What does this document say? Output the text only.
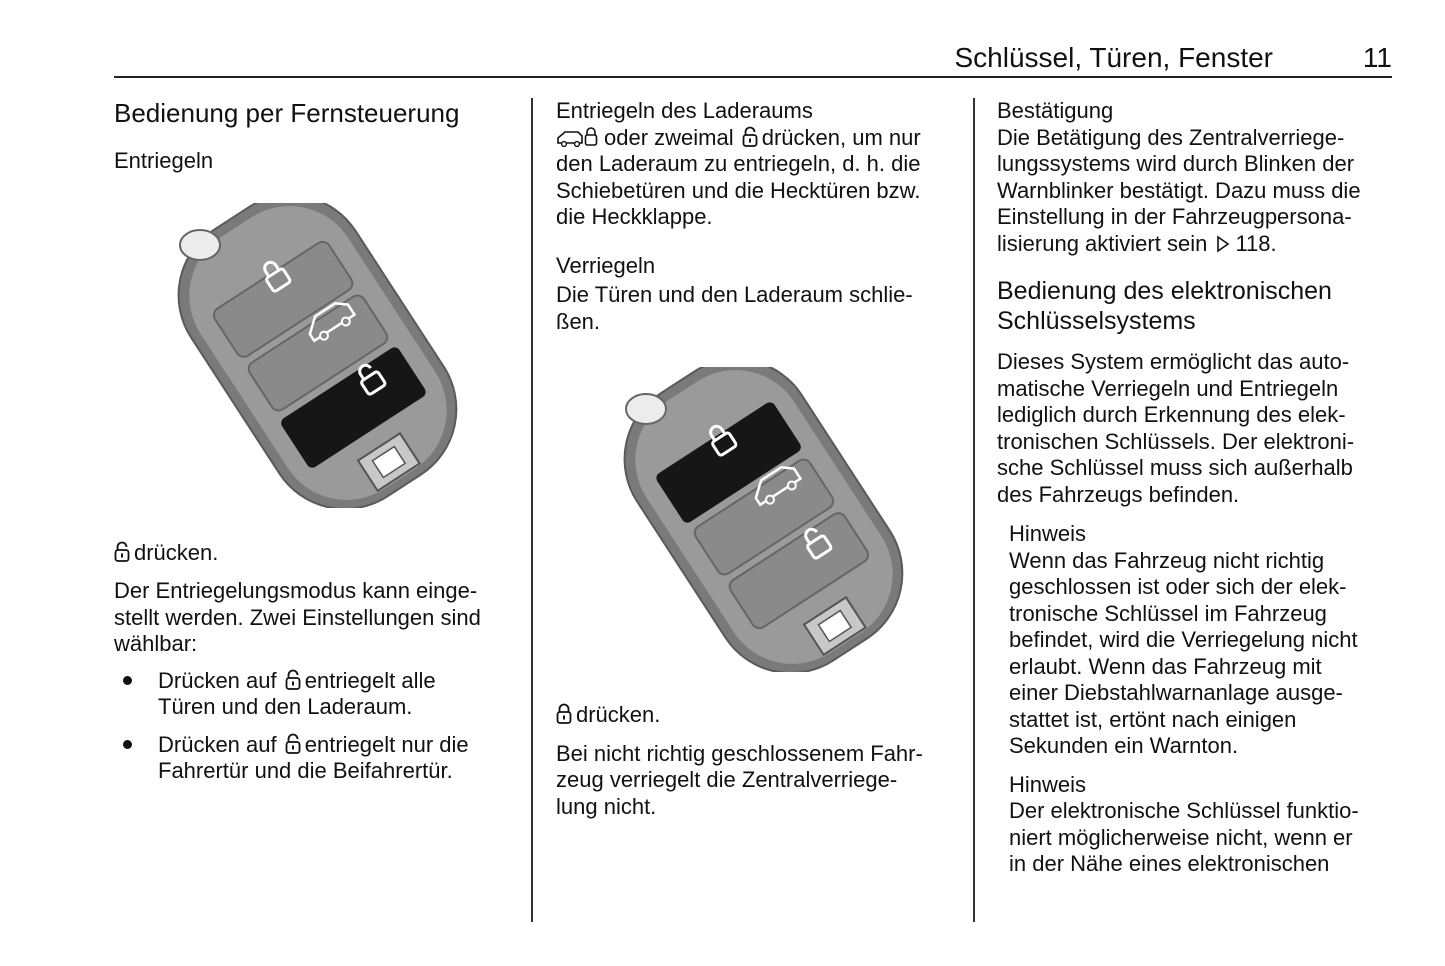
Schlüssel, Türen, Fenster	11
Bedienung per Fernsteuerung
Entriegeln

drücken.

Der Entriegelungsmodus kann einge-
stellt werden. Zwei Einstellungen sind
wählbar:

Drücken auf entriegelt alle
Türen und den Laderaum.
Drücken auf entriegelt nur die
Fahrertür und die Beifahrertür.
Entriegeln des Laderaums

oder zweimal drücken, um nur
den Laderaum zu entriegeln, d. h. die
Schiebetüren und die Hecktüren bzw.
die Heckklappe.

Verriegeln

Die Türen und den Laderaum schlie-
ßen.

drücken.

Bei nicht richtig geschlossenem Fahr-
zeug verriegelt die Zentralverriege-
lung nicht.

Bestätigung

Die Betätigung des Zentralverriege-
lungssystems wird durch Blinken der
Warnblinker bestätigt. Dazu muss die
Einstellung in der Fahrzeugpersona-
lisierung aktiviert sein 118.

Bedienung des elektronischen
Schlüsselsystems

Dieses System ermöglicht das auto-
matische Verriegeln und Entriegeln
lediglich durch Erkennung des elek-
tronischen Schlüssels. Der elektroni-
sche Schlüssel muss sich außerhalb
des Fahrzeugs befinden.

Hinweis

Wenn das Fahrzeug nicht richtig
geschlossen ist oder sich der elek-
tronische Schlüssel im Fahrzeug
befindet, wird die Verriegelung nicht
erlaubt. Wenn das Fahrzeug mit
einer Diebstahlwarnanlage ausge-
stattet ist, ertönt nach einigen
Sekunden ein Warnton.

Hinweis

Der elektronische Schlüssel funktio-
niert möglicherweise nicht, wenn er
in der Nähe eines elektronischen
